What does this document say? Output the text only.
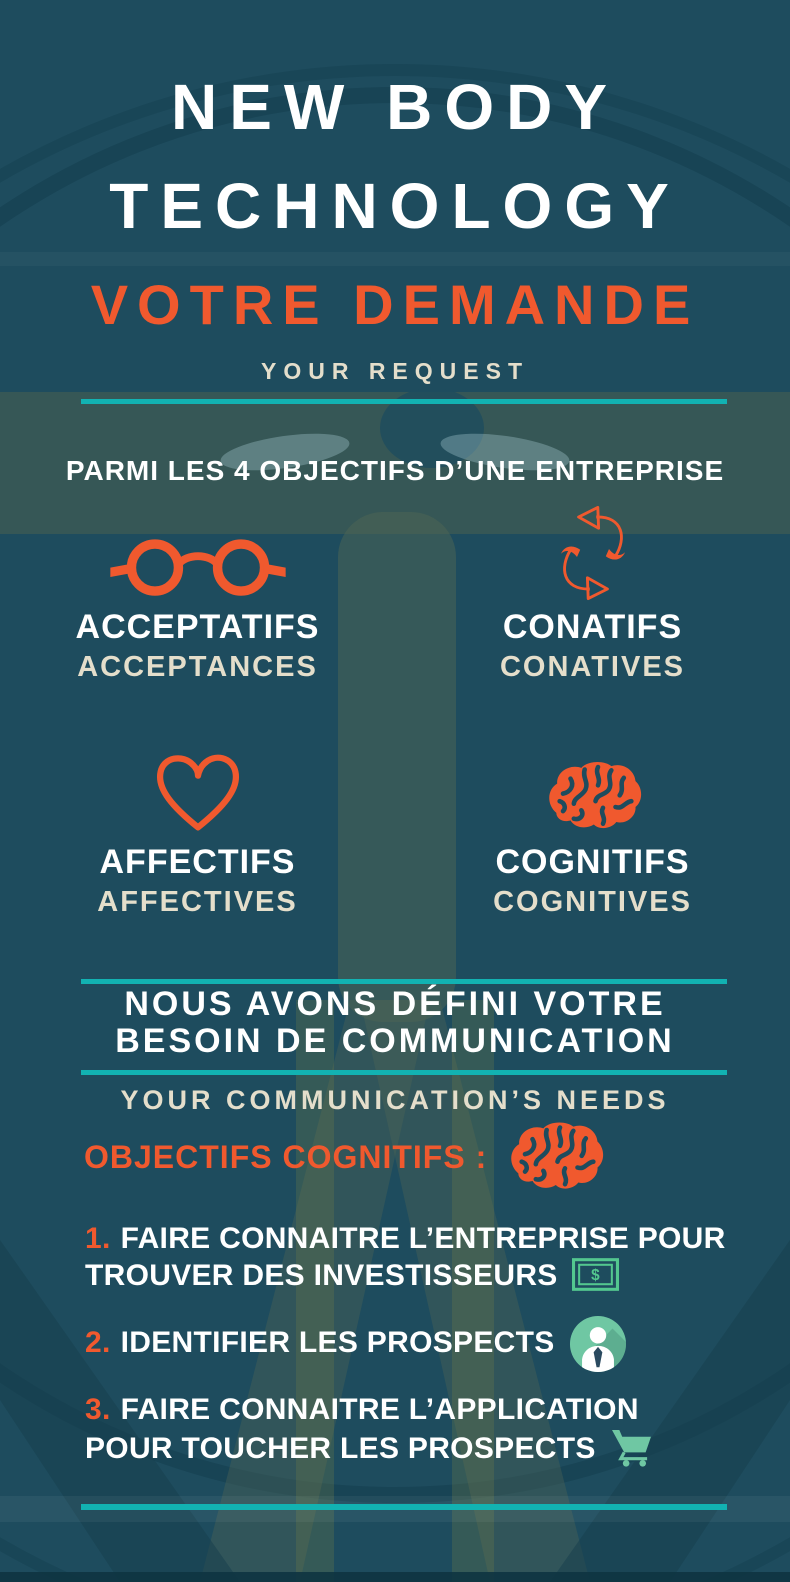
NEW BODY
TECHNOLOGY
VOTRE DEMANDE
YOUR REQUEST
PARMI LES 4 OBJECTIFS D’UNE ENTREPRISE
ACCEPTATIFS
ACCEPTANCES
CONATIFS
CONATIVES
AFFECTIFS
AFFECTIVES
COGNITIFS
COGNITIVES
NOUS AVONS DÉFINI VOTRE
BESOIN DE COMMUNICATION
YOUR COMMUNICATION’S NEEDS
OBJECTIFS COGNITIFS :
1. FAIRE CONNAITRE L’ENTREPRISE POUR
TROUVER DES INVESTISSEURS $
2. IDENTIFIER LES PROSPECTS
3. FAIRE CONNAITRE L’APPLICATION
POUR TOUCHER LES PROSPECTS
